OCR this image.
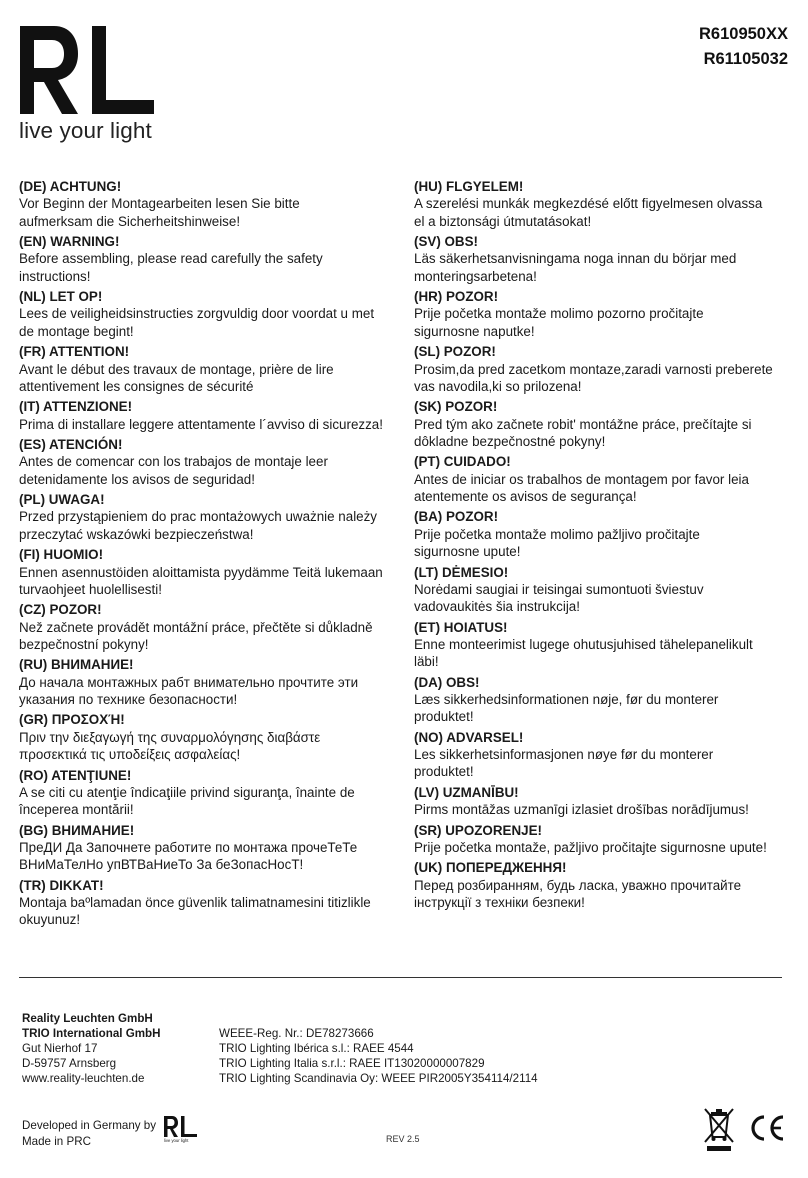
live your light
R610950XX
R61105032
(DE) ACHTUNG!
Vor Beginn der Montagearbeiten lesen Sie bitte
aufmerksam die Sicherheitshinweise!
(EN) WARNING!
Before assembling, please read carefully the safety
instructions!
(NL) LET OP!
Lees de veiligheidsinstructies zorgvuldig door voordat u met
de montage begint!
(FR) ATTENTION!
Avant le début des travaux de montage, prière de lire
attentivement les consignes de sécurité
(IT) ATTENZIONE!
Prima di installare leggere attentamente l´avviso di sicurezza!
(ES) ATENCIÓN!
Antes de comencar con los trabajos de montaje leer
detenidamente los avisos de seguridad!
(PL) UWAGA!
Przed przystąpieniem do prac montażowych uważnie należy
przeczytać wskazówki bezpieczeństwa!
(FI) HUOMIO!
Ennen asennustöiden aloittamista pyydämme Teitä lukemaan
turvaohjeet huolellisesti!
(CZ) POZOR!
Než začnete provádět montážní práce, přečtěte si důkladně
bezpečnostní pokyny!
(RU) ВНИМАНИЕ!
До начала монтажных рабт внимательно прочтите эти
указания по технике безопасности!
(GR) ΠΡΟΣΟΧΉ!
Πριν την διεξαγωγή της συναρμολόγησης διαβάστε
προσεκτικά τις υποδείξεις ασφαλείας!
(RO) ATENŢIUNE!
A se citi cu atenţie îndicaţiile privind siguranţa, înainte de
începerea montării!
(BG) ВНИМАНИЕ!
ПреДИ Да Започнете работите по монтажа прочеТеТе
ВНиМаТелНо упВТВаНиеТо За беЗопасНосТ!
(TR) DIKKAT!
Montaja baºlamadan önce güvenlik talimatnamesini titizlikle
okuyunuz!
(HU) FLGYELEM!
A szerelési munkák megkezdésé előtt figyelmesen olvassa
el a biztonsági útmutatásokat!
(SV) OBS!
Läs säkerhetsanvisningama noga innan du börjar med
monteringsarbetena!
(HR) POZOR!
Prije početka montaže molimo pozorno pročitajte
sigurnosne naputke!
(SL) POZOR!
Prosim,da pred zacetkom montaze,zaradi varnosti preberete
vas navodila,ki so prilozena!
(SK) POZOR!
Pred tým ako začnete robit' montážne práce, prečítajte si
dôkladne bezpečnostné pokyny!
(PT) CUIDADO!
Antes de iniciar os trabalhos de montagem por favor leia
atentemente os avisos de segurança!
(BA) POZOR!
Prije početka montaže molimo pažljivo pročitajte
sigurnosne upute!
(LT) DĖMESIO!
Norėdami saugiai ir teisingai sumontuoti šviestuv
vadovaukitės šia instrukcija!
(ET) HOIATUS!
Enne monteerimist lugege ohutusjuhised tähelepanelikult
läbi!
(DA) OBS!
Læs sikkerhedsinformationen nøje, før du monterer
produktet!
(NO) ADVARSEL!
Les sikkerhetsinformasjonen nøye før du monterer
produktet!
(LV) UZMANĪBU!
Pirms montāžas uzmanīgi izlasiet drošības norādījumus!
(SR) UPOZORENJE!
Prije početka montaže, pažljivo pročitajte sigurnosne upute!
(UK) ПОПЕРЕДЖЕННЯ!
Перед розбиранням, будь ласка, уважно прочитайте
інструкції з техніки безпеки!
Reality Leuchten GmbH
TRIO International GmbH
Gut Nierhof 17
D-59757 Arnsberg
www.reality-leuchten.de
WEEE-Reg. Nr.: DE78273666
TRIO Lighting Ibérica s.l.: RAEE 4544
TRIO Lighting Italia s.r.l.: RAEE IT13020000007829
TRIO Lighting Scandinavia Oy: WEEE PIR2005Y354114/2114
Developed in Germany by
Made in PRC	live your light	REV 2.5
